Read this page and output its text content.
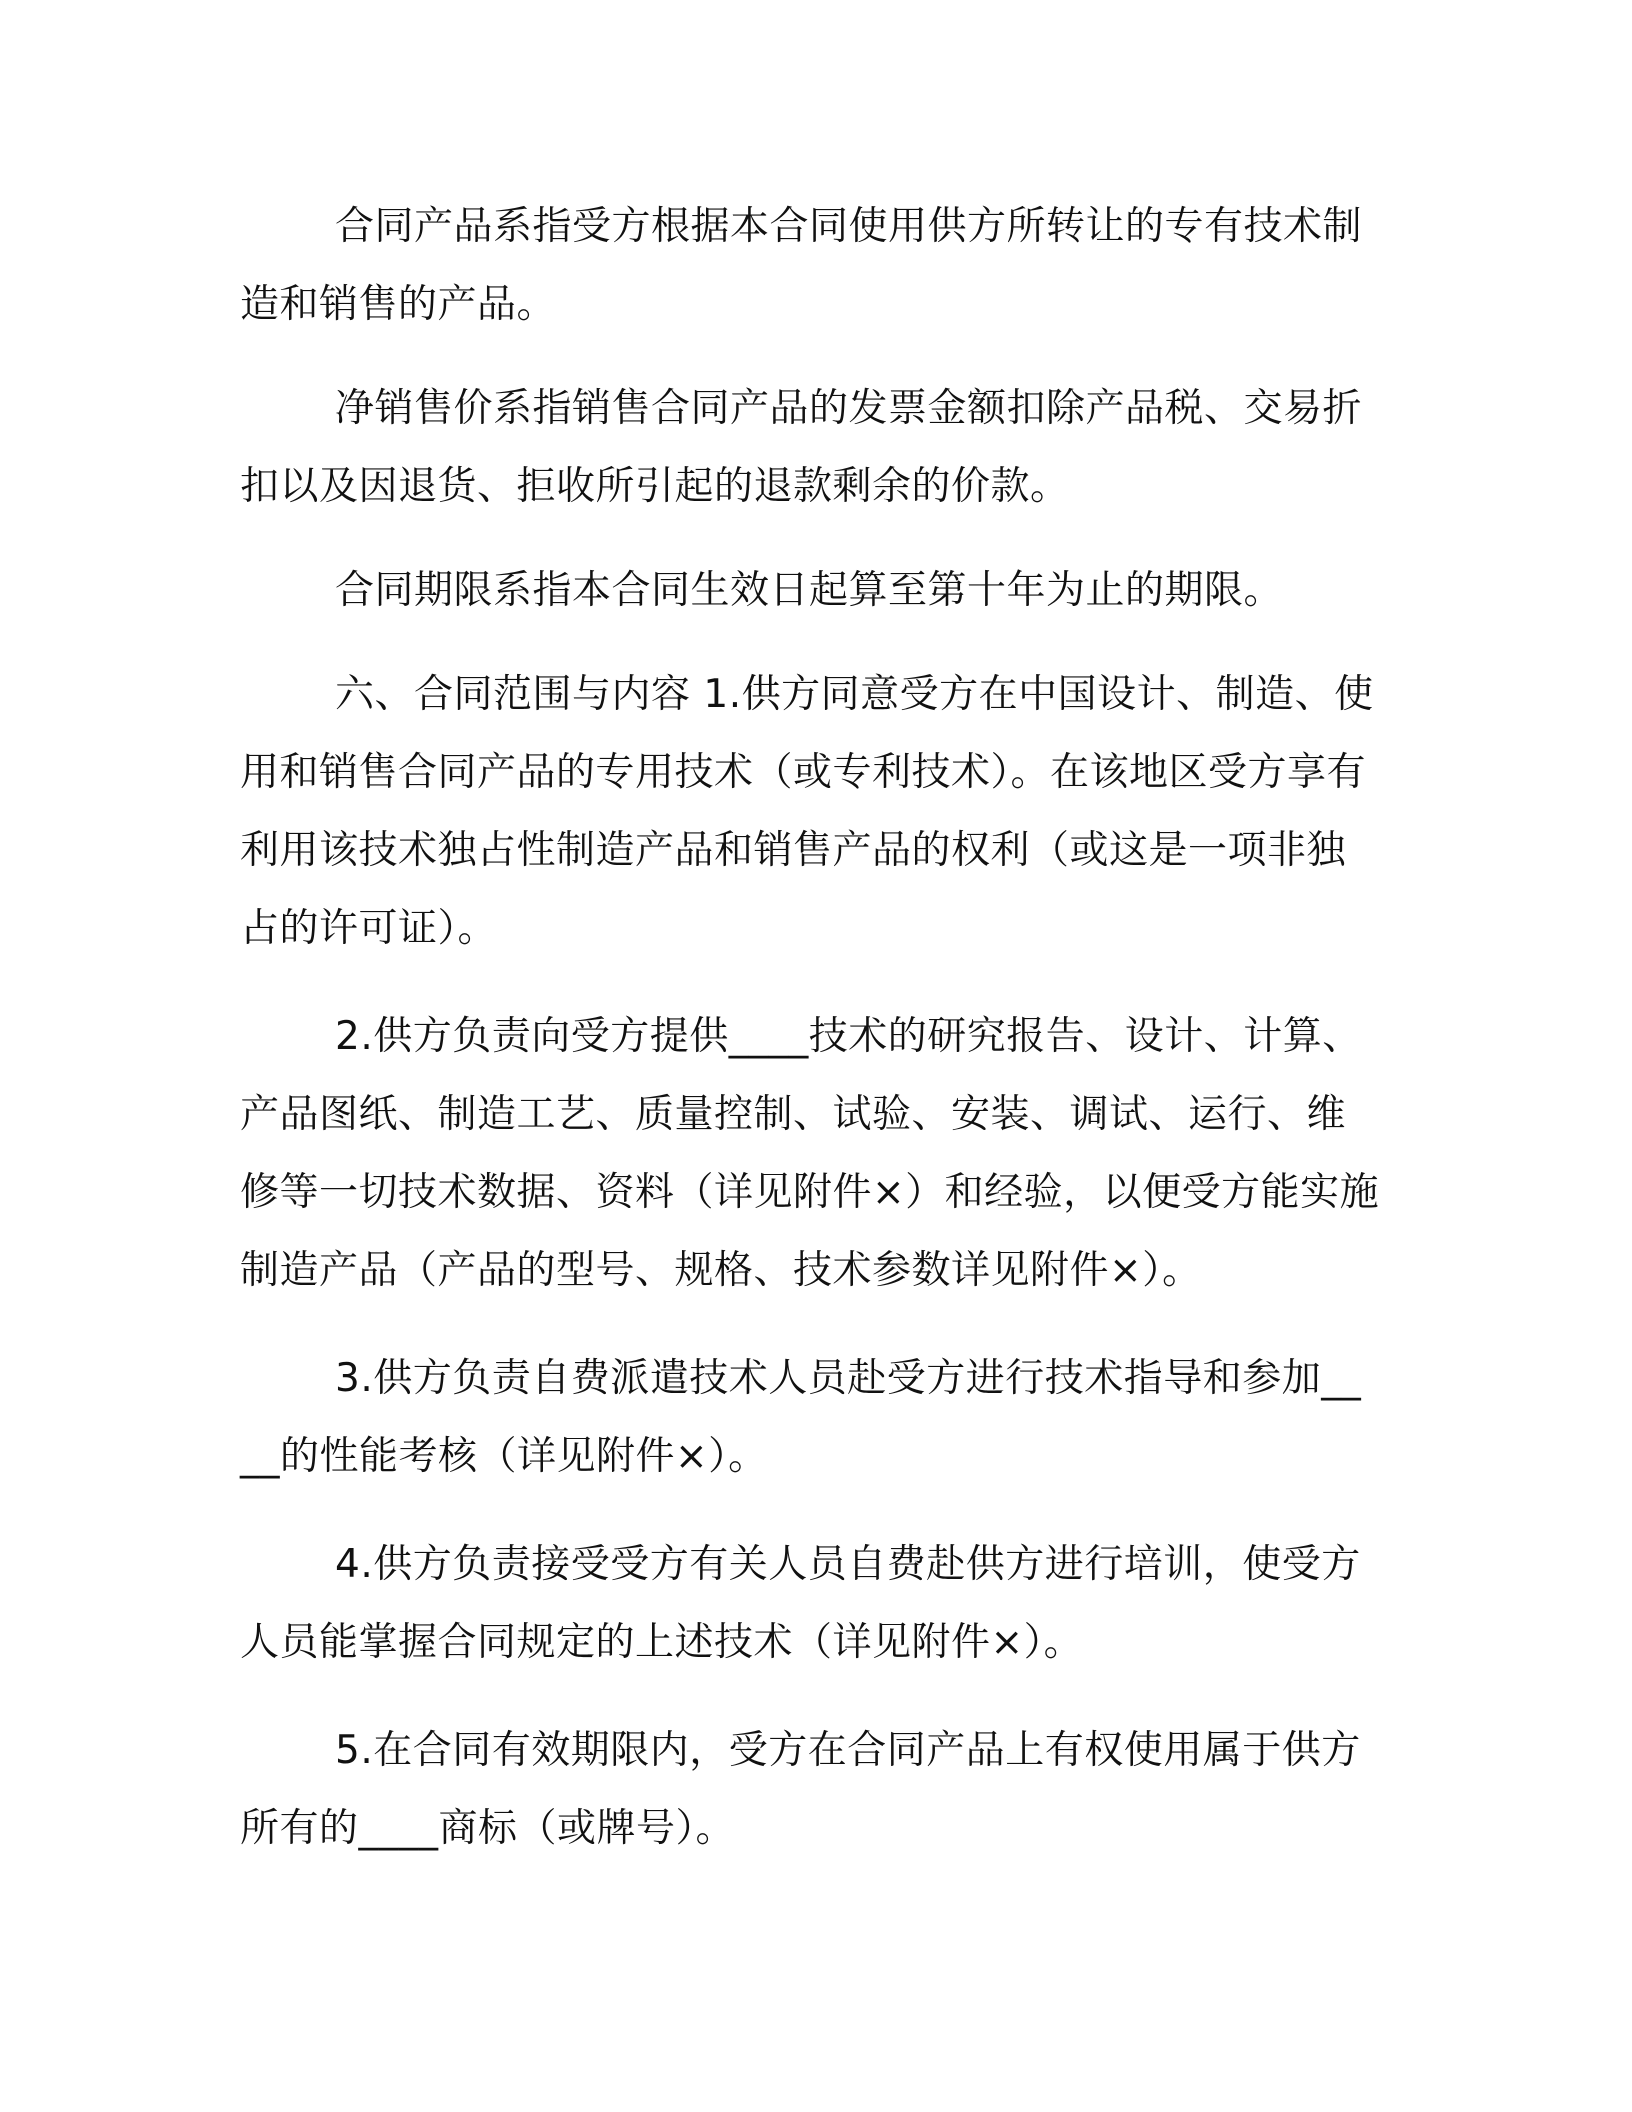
合同产品系指受方根据本合同使用供方所转让的专有技术制造和销售的产品。

净销售价系指销售合同产品的发票金额扣除产品税、交易折扣以及因退货、拒收所引起的退款剩余的价款。

合同期限系指本合同生效日起算至第十年为止的期限。

六、合同范围与内容 1.供方同意受方在中国设计、制造、使用和销售合同产品的专用技术（或专利技术）。在该地区受方享有利用该技术独占性制造产品和销售产品的权利（或这是一项非独占的许可证）。

2.供方负责向受方提供____技术的研究报告、设计、计算、产品图纸、制造工艺、质量控制、试验、安装、调试、运行、维修等一切技术数据、资料（详见附件×）和经验，以便受方能实施制造产品（产品的型号、规格、技术参数详见附件×）。

3.供方负责自费派遣技术人员赴受方进行技术指导和参加____的性能考核（详见附件×）。

4.供方负责接受受方有关人员自费赴供方进行培训，使受方人员能掌握合同规定的上述技术（详见附件×）。

5.在合同有效期限内，受方在合同产品上有权使用属于供方所有的____商标（或牌号）。
